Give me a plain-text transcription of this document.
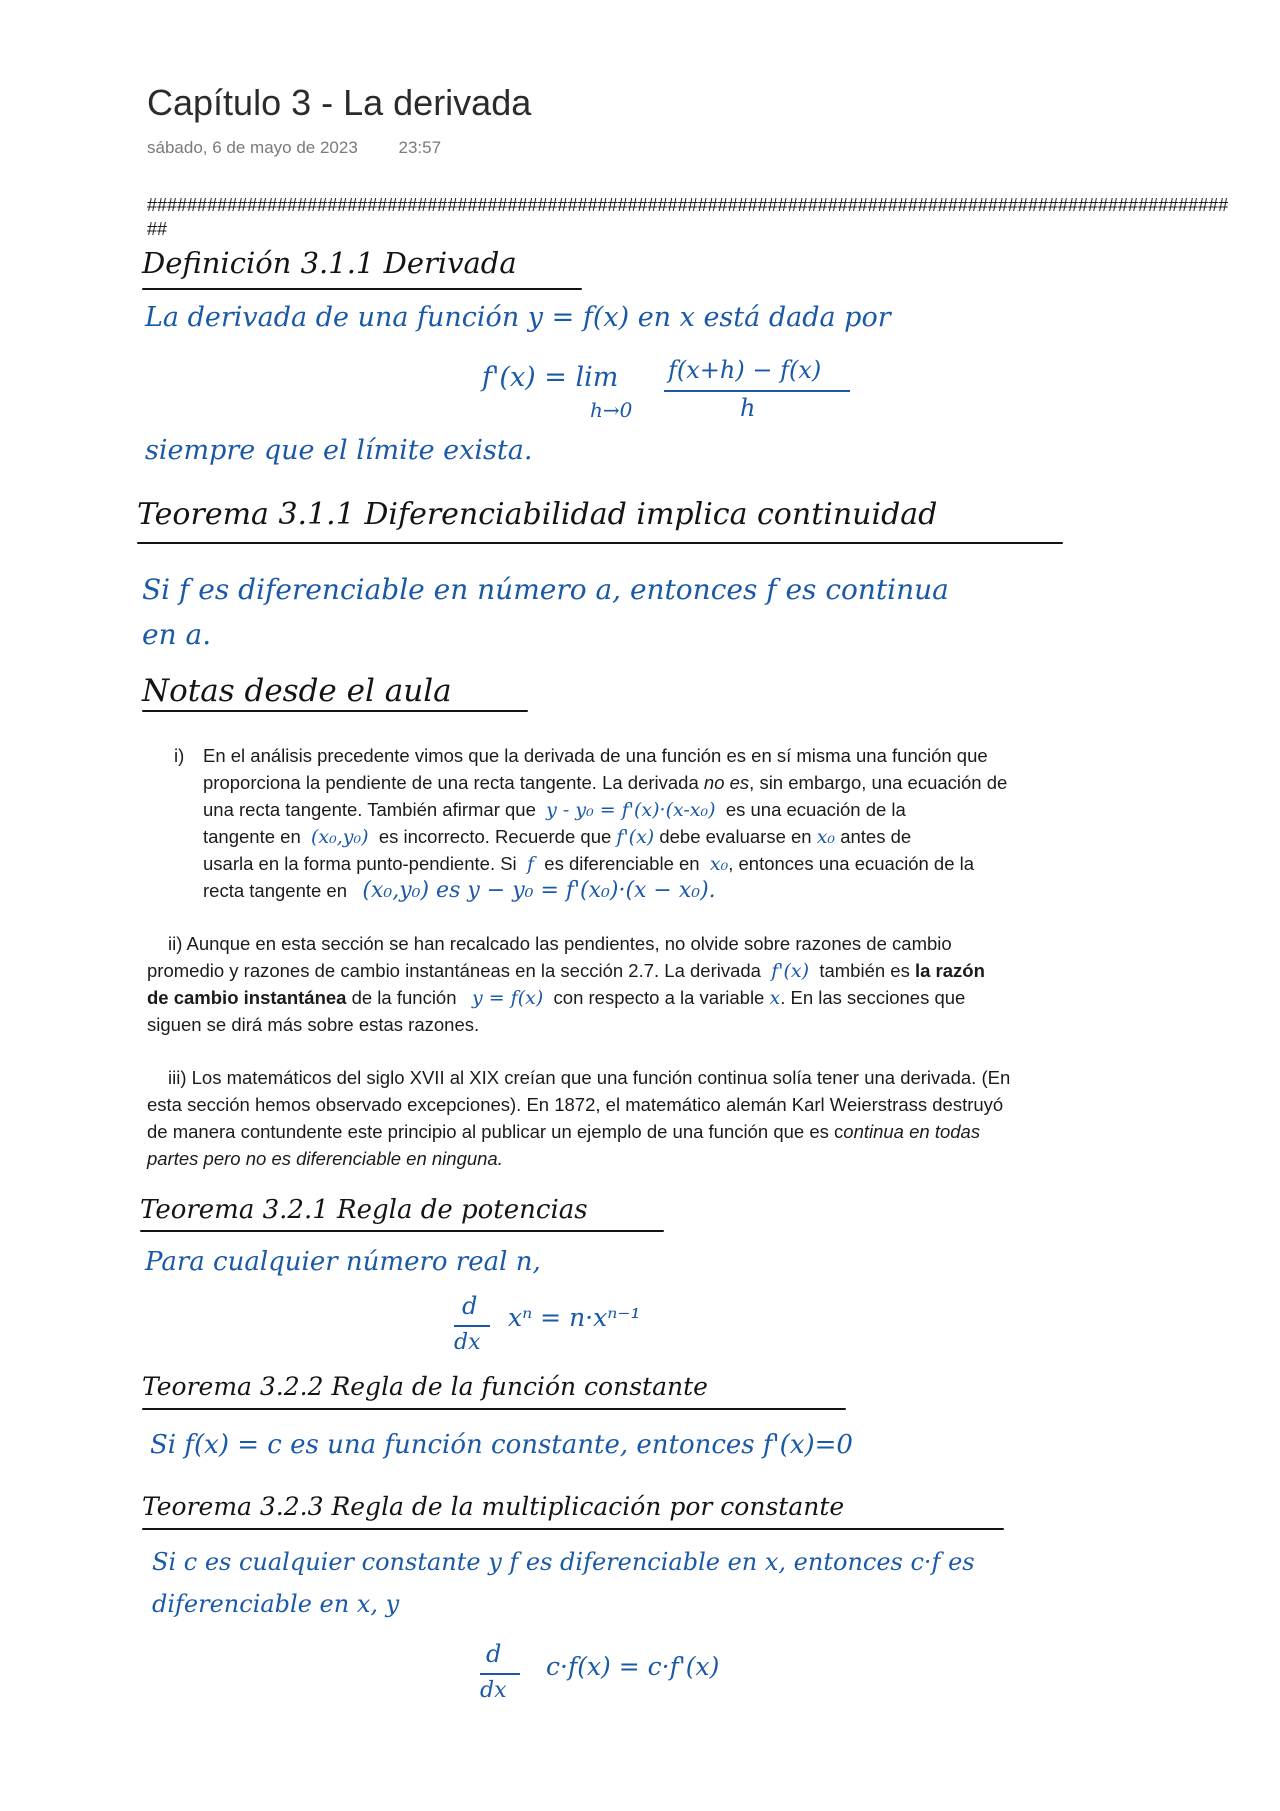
Capítulo 3 - La derivada
sábado, 6 de mayo de 2023 23:57
##############################################################################################################
Definición 3.1.1 Derivada
La derivada de una función y = f(x) en x está dada por
f'(x) = lim
h→0
f(x+h) − f(x)
h
siempre que el límite exista.
Teorema 3.1.1 Diferenciabilidad implica continuidad
Si f es diferenciable en número a, entonces f es continua
en a.
Notas desde el aula
i) En el análisis precedente vimos que la derivada de una función es en sí misma una función que
proporciona la pendiente de una recta tangente. La derivada no es, sin embargo, una ecuación de
una recta tangente. También afirmar que y - y₀ = f'(x)·(x-x₀) es una ecuación de la
tangente en (x₀,y₀) es incorrecto. Recuerde que f'(x) debe evaluarse en x₀ antes de
usarla en la forma punto-pendiente. Si f es diferenciable en x₀, entonces una ecuación de la
recta tangente en (x₀,y₀) es y − y₀ = f'(x₀)·(x − x₀).
ii) Aunque en esta sección se han recalcado las pendientes, no olvide sobre razones de cambio
promedio y razones de cambio instantáneas en la sección 2.7. La derivada f'(x) también es la razón
de cambio instantánea de la función y = f(x) con respecto a la variable x. En las secciones que
siguen se dirá más sobre estas razones.
iii) Los matemáticos del siglo XVII al XIX creían que una función continua solía tener una derivada. (En
esta sección hemos observado excepciones). En 1872, el matemático alemán Karl Weierstrass destruyó
de manera contundente este principio al publicar un ejemplo de una función que es continua en todas
partes pero no es diferenciable en ninguna.
Teorema 3.2.1 Regla de potencias
Para cualquier número real n,
d
dx
xⁿ = n·xⁿ⁻¹
Teorema 3.2.2 Regla de la función constante
Si f(x) = c es una función constante, entonces f'(x)=0
Teorema 3.2.3 Regla de la multiplicación por constante
Si c es cualquier constante y f es diferenciable en x, entonces c·f es
diferenciable en x, y
d
dx
c·f(x) = c·f'(x)
